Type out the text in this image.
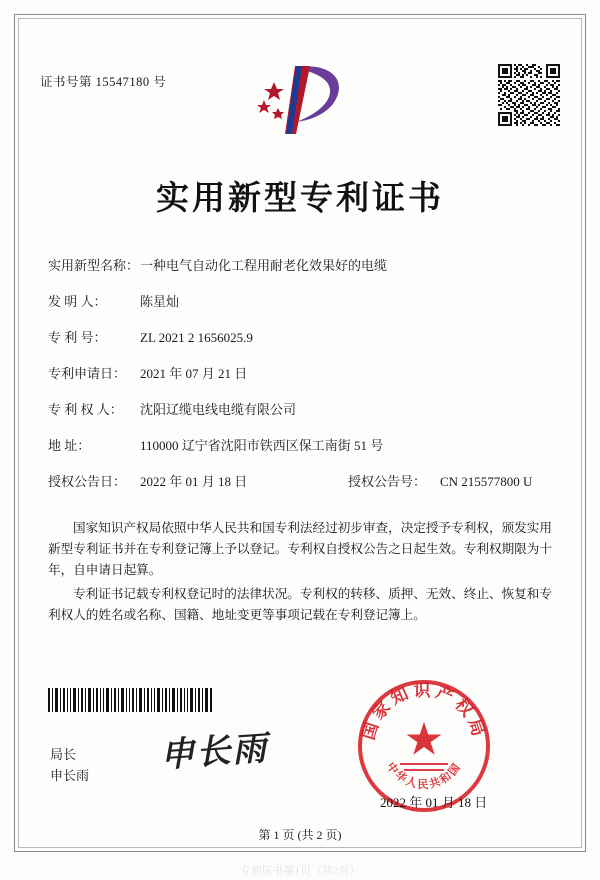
证书号第 15547180 号
实用新型专利证书
实用新型名称：一种电气自动化工程用耐老化效果好的电缆
发 明 人：	陈星灿
专 利 号：	ZL 2021 2 1656025.9
专利申请日： 2021 年 07 月 21 日
专 利 权 人： 沈阳辽缆电线电缆有限公司
地 址：	110000 辽宁省沈阳市铁西区保工南街 51 号
授权公告日： 2022 年 01 月 18 日	授权公告号： CN 215577800 U
国家知识产权局依照中华人民共和国专利法经过初步审查，决定授予专利权，颁发实用新型专利证书并在专利登记簿上予以登记。专利权自授权公告之日起生效。专利权期限为十年，自申请日起算。
专利证书记载专利权登记时的法律状况。专利权的转移、质押、无效、终止、恢复和专利权人的姓名或名称、国籍、地址变更等事项记载在专利登记簿上。
国家知识产权局
中华人民共和国
局长
申长雨 申长雨
2022 年 01 月 18 日
第 1 页 (共 2 页)
专利证书第1页（共2页）
